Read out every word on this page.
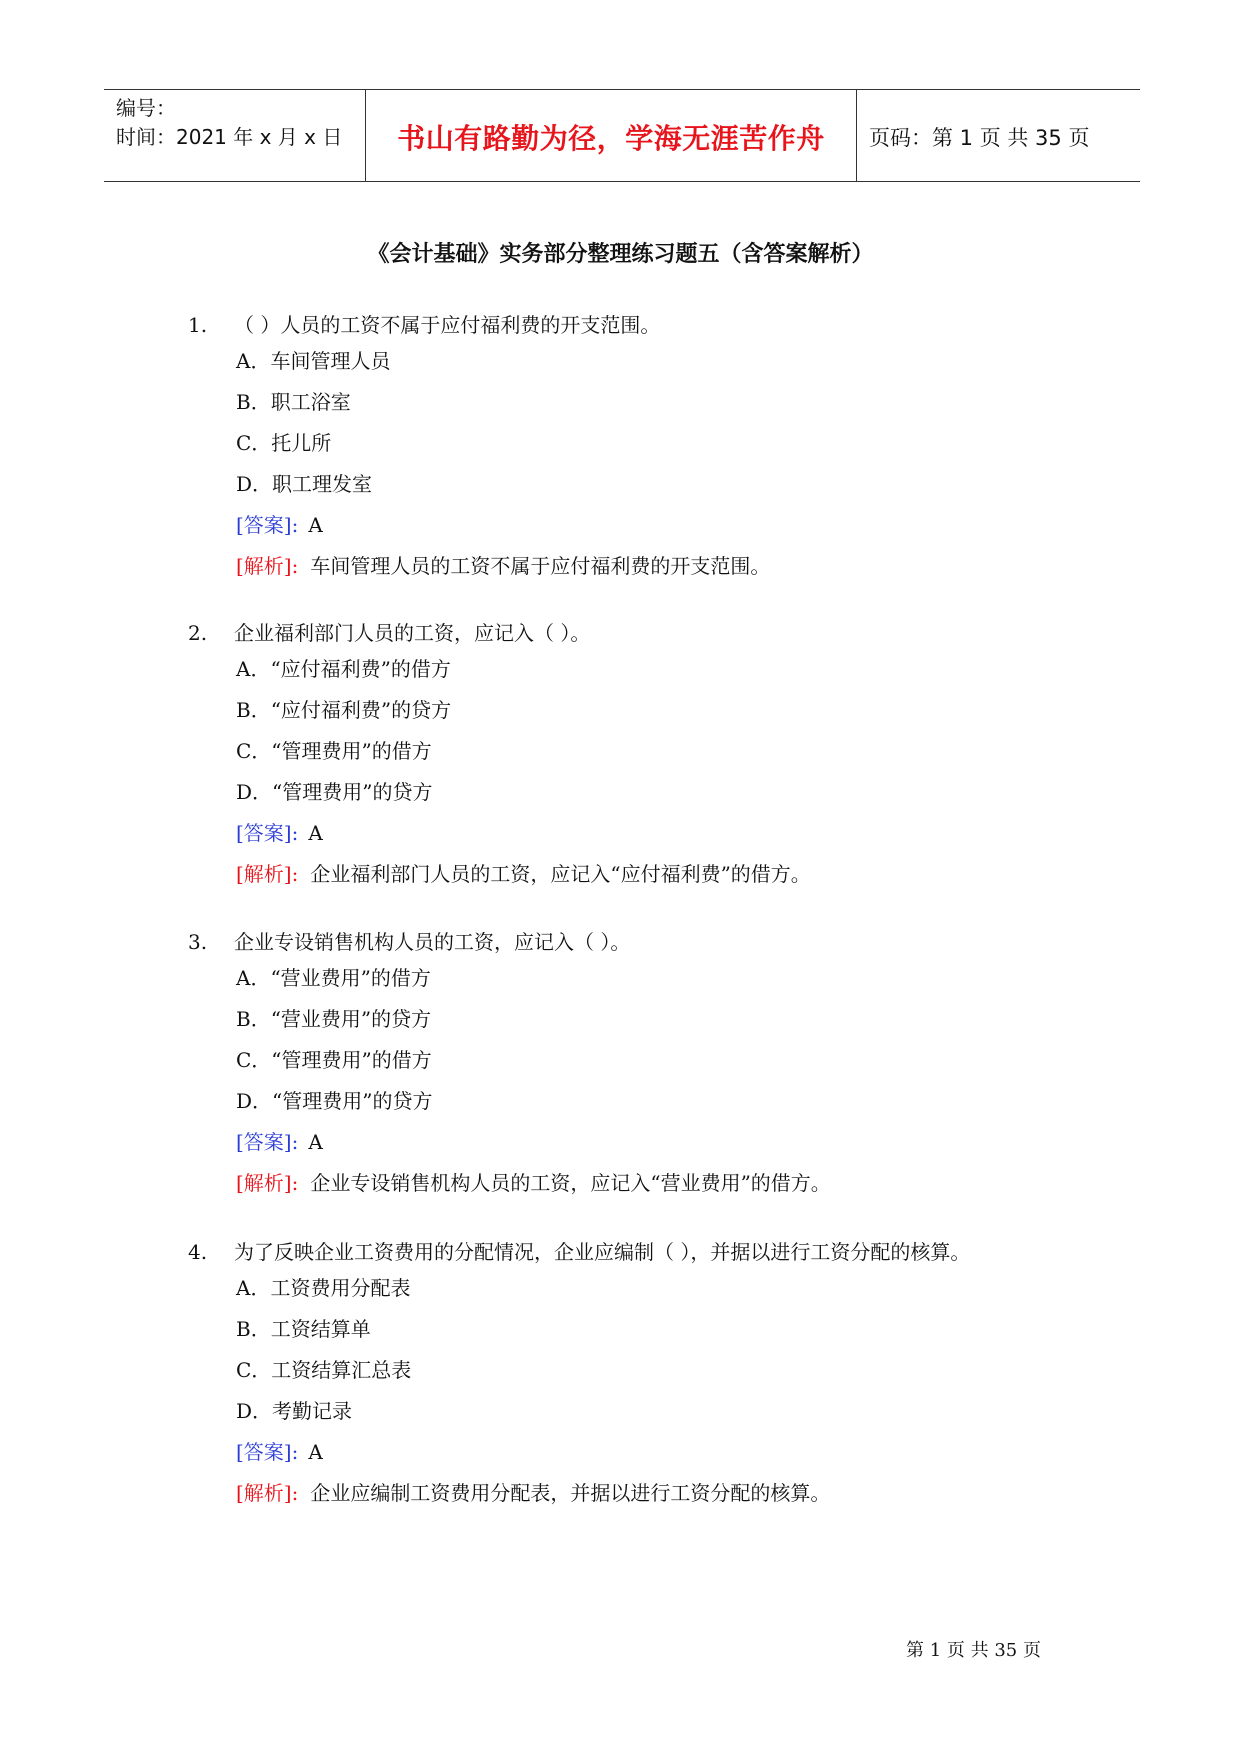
编号：
时间：2021 年 x 月 x 日	书山有路勤为径，学海无涯苦作舟 页码：第 1 页 共 35 页
《会计基础》实务部分整理练习题五（含答案解析）
1.	（ ）人员的工资不属于应付福利费的开支范围。
A．车间管理人员
B．职工浴室
C．托儿所
D．职工理发室
[答案]: A
[解析]: 车间管理人员的工资不属于应付福利费的开支范围。
2.	企业福利部门人员的工资，应记入（ ）。
A．“应付福利费”的借方
B．“应付福利费”的贷方
C．“管理费用”的借方
D．“管理费用”的贷方
[答案]: A
[解析]: 企业福利部门人员的工资，应记入“应付福利费”的借方。
3.	企业专设销售机构人员的工资，应记入（ ）。
A．“营业费用”的借方
B．“营业费用”的贷方
C．“管理费用”的借方
D．“管理费用”的贷方
[答案]: A
[解析]: 企业专设销售机构人员的工资，应记入“营业费用”的借方。
4.	为了反映企业工资费用的分配情况，企业应编制（ ），并据以进行工资分配的核算。
A．工资费用分配表
B．工资结算单
C．工资结算汇总表
D．考勤记录
[答案]: A
[解析]: 企业应编制工资费用分配表，并据以进行工资分配的核算。
第 1 页 共 35 页
